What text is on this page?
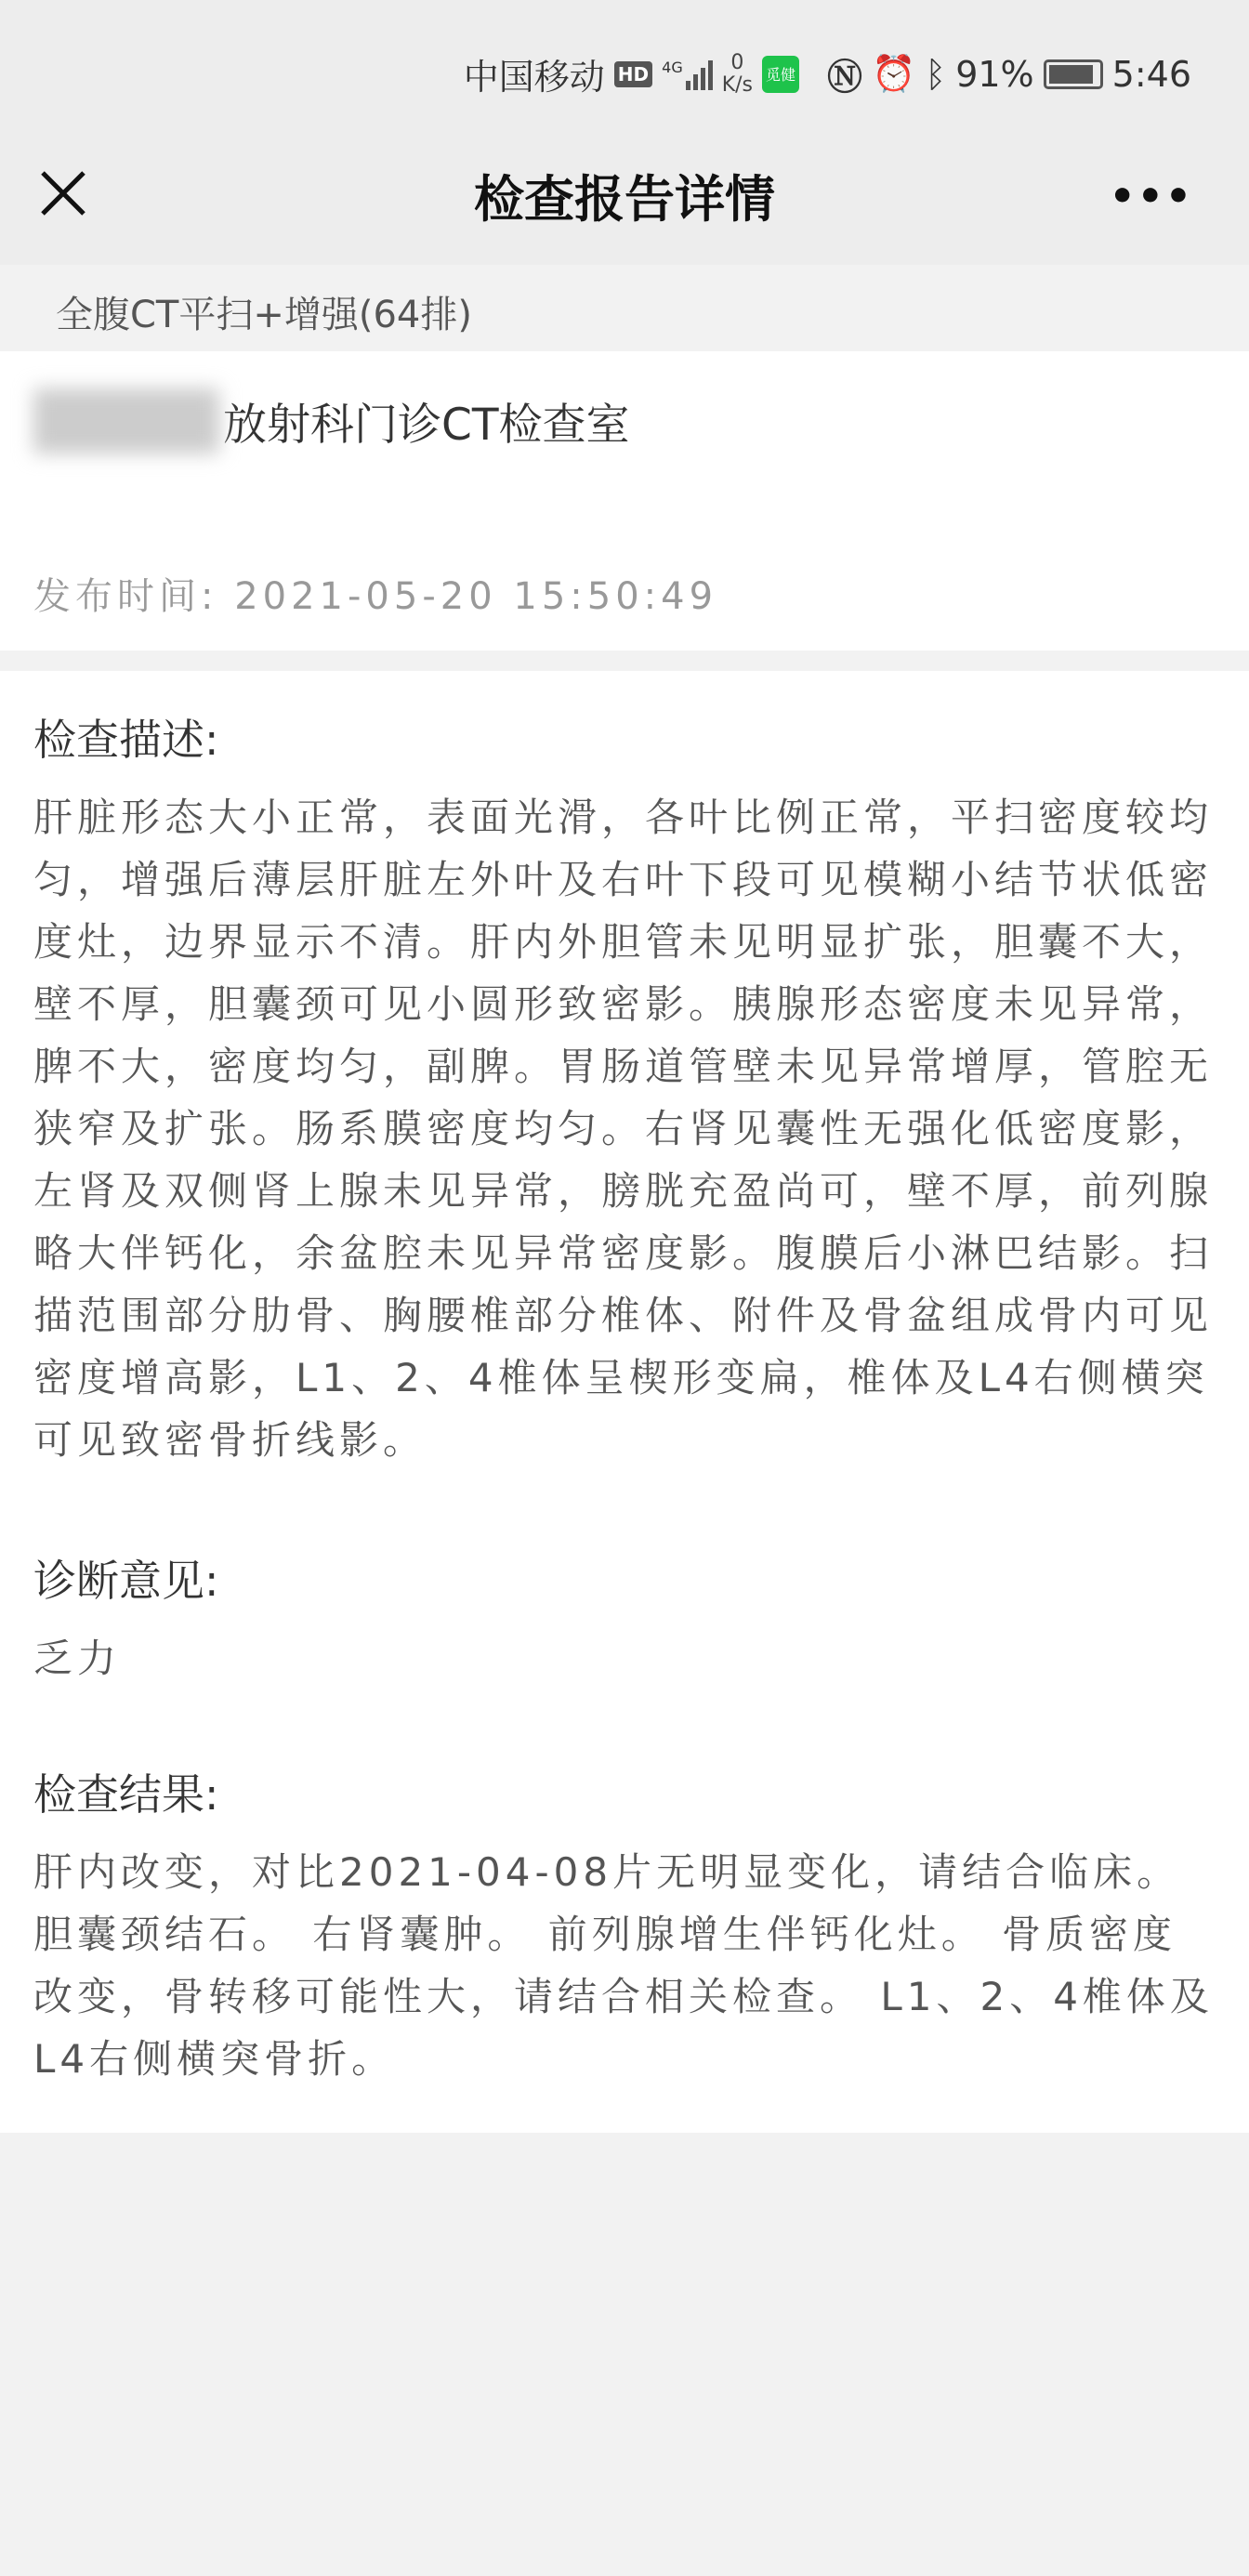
中国移动 HD 4G	0
K/s 觅健 Ⓝ ⏰ ᛒ 91% 5:46
检查报告详情	•••
全腹CT平扫+增强(64排)
放射科门诊CT检查室
发布时间: 2021-05-20 15:50:49
检查描述:

肝脏形态大小正常，表面光滑，各叶比例正常，平扫密度较均匀，增强后薄层肝脏左外叶及右叶下段可见模糊小结节状低密度灶，边界显示不清。肝内外胆管未见明显扩张，胆囊不大，壁不厚，胆囊颈可见小圆形致密影。胰腺形态密度未见异常，脾不大，密度均匀，副脾。胃肠道管壁未见异常增厚，管腔无狭窄及扩张。肠系膜密度均匀。右肾见囊性无强化低密度影，左肾及双侧肾上腺未见异常，膀胱充盈尚可，壁不厚，前列腺略大伴钙化，余盆腔未见异常密度影。腹膜后小淋巴结影。扫描范围部分肋骨、胸腰椎部分椎体、附件及骨盆组成骨内可见密度增高影，L1、2、4椎体呈楔形变扁，椎体及L4右侧横突可见致密骨折线影。

诊断意见:

乏力

检查结果:

肝内改变，对比2021-04-08片无明显变化，请结合临床。 胆囊颈结石。 右肾囊肿。 前列腺增生伴钙化灶。 骨质密度改变，骨转移可能性大，请结合相关检查。 L1、2、4椎体及L4右侧横突骨折。
